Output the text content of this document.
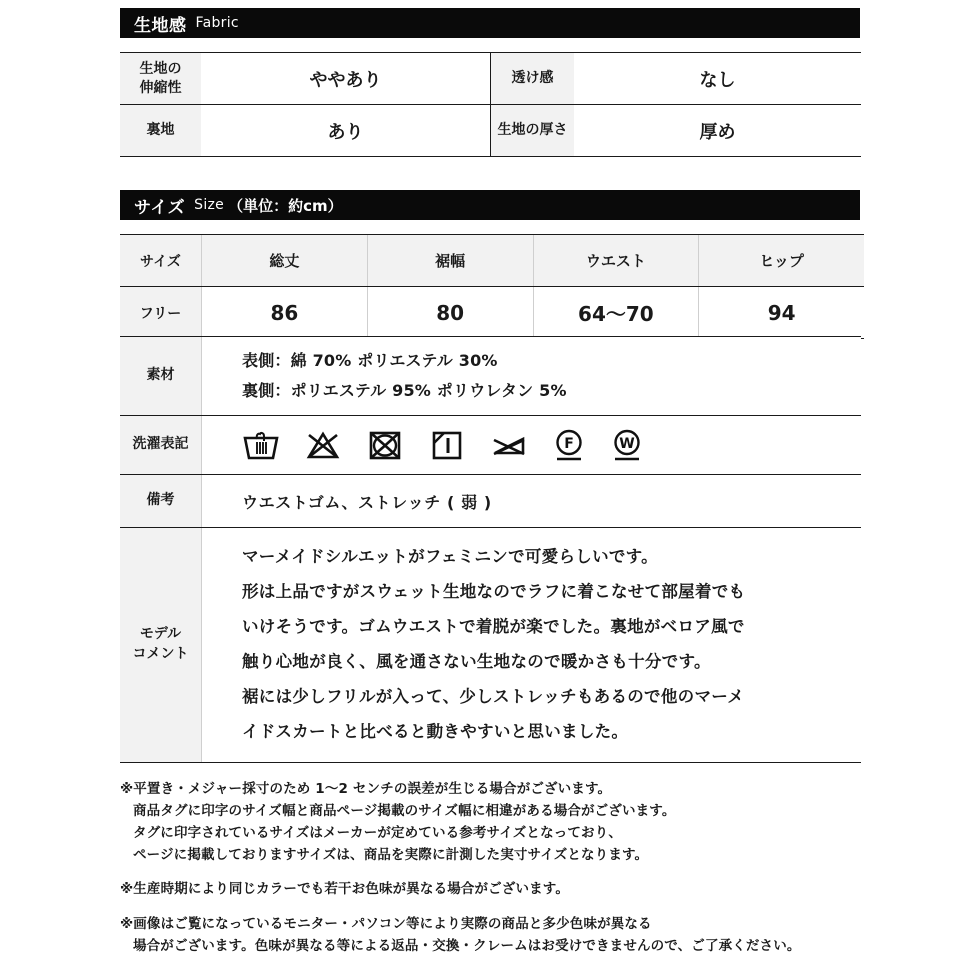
生地感 Fabric
生地の
伸縮性	ややあり	透け感	なし
裏地	あり	生地の厚さ	厚め
サイズ Size （単位：約cm）
サイズ	総丈	裾幅	ウエスト	ヒップ
フリー	86	80	64〜70	94
素材	表側：綿 70% ポリエステル 30%
裏側：ポリエステル 95% ポリウレタン 5%

洗濯表記	F W

備考	ウエストゴム、ストレッチ ( 弱 )

モデル
コメント

マーメイドシルエットがフェミニンで可愛らしいです。
形は上品ですがスウェット生地なのでラフに着こなせて部屋着でも
いけそうです。ゴムウエストで着脱が楽でした。裏地がベロア風で
触り心地が良く、風を通さない生地なので暖かさも十分です。
裾には少しフリルが入って、少しストレッチもあるので他のマーメ
イドスカートと比べると動きやすいと思いました。
※平置き・メジャー採寸のため 1〜2 センチの誤差が生じる場合がございます。
商品タグに印字のサイズ幅と商品ページ掲載のサイズ幅に相違がある場合がございます。
タグに印字されているサイズはメーカーが定めている参考サイズとなっており、
ページに掲載しておりますサイズは、商品を実際に計測した実寸サイズとなります。
※生産時期により同じカラーでも若干お色味が異なる場合がございます。
※画像はご覧になっているモニター・パソコン等により実際の商品と多少色味が異なる
場合がございます。色味が異なる等による返品・交換・クレームはお受けできませんので、ご了承ください。
